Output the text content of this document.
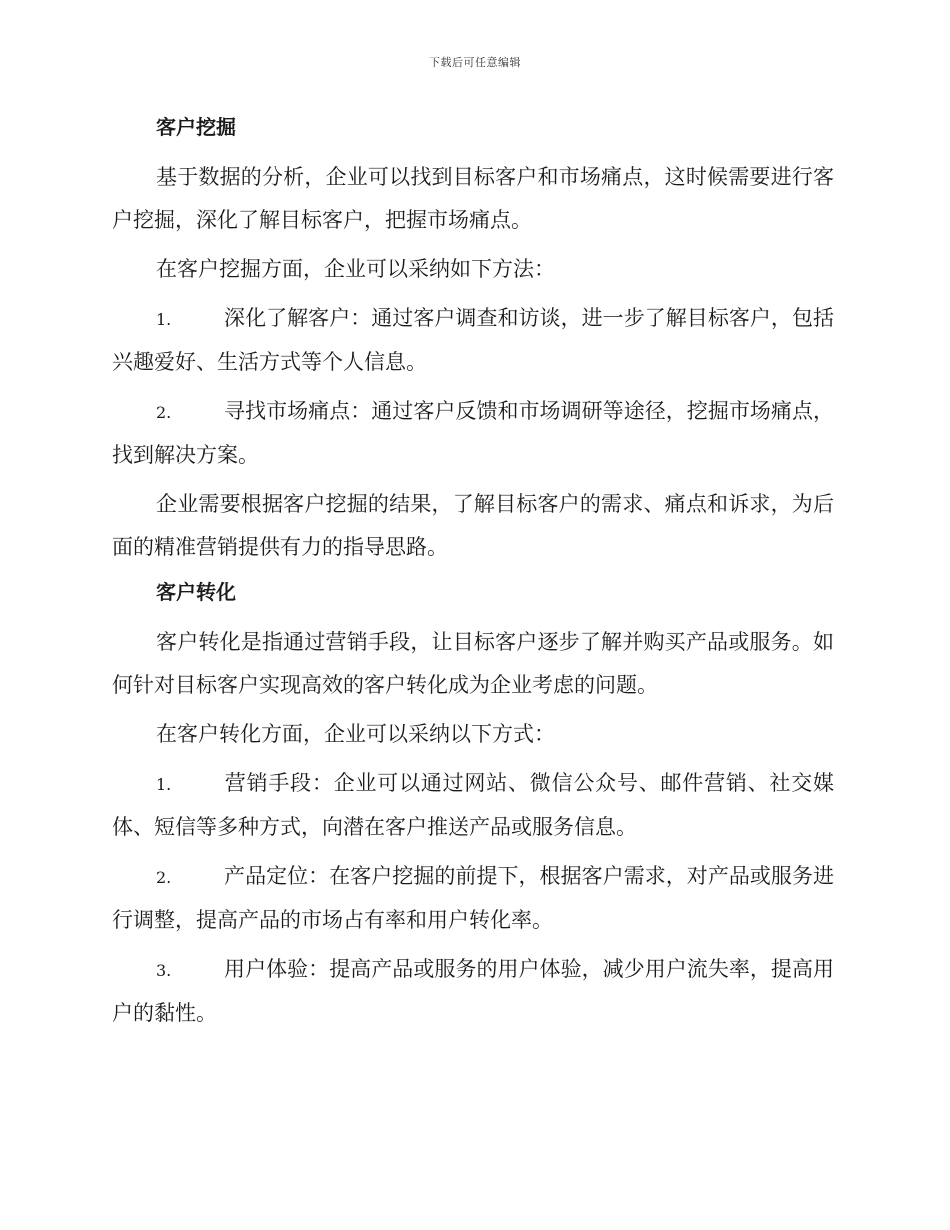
下载后可任意编辑
客户挖掘

基于数据的分析，企业可以找到目标客户和市场痛点，这时候需要进行客户挖掘，深化了解目标客户，把握市场痛点。

在客户挖掘方面，企业可以采纳如下方法：

1.	深化了解客户：通过客户调查和访谈，进一步了解目标客户，包括兴趣爱好、生活方式等个人信息。

2.	寻找市场痛点：通过客户反馈和市场调研等途径，挖掘市场痛点，找到解决方案。

企业需要根据客户挖掘的结果，了解目标客户的需求、痛点和诉求，为后面的精准营销提供有力的指导思路。

客户转化

客户转化是指通过营销手段，让目标客户逐步了解并购买产品或服务。如何针对目标客户实现高效的客户转化成为企业考虑的问题。

在客户转化方面，企业可以采纳以下方式：

1.	营销手段：企业可以通过网站、微信公众号、邮件营销、社交媒体、短信等多种方式，向潜在客户推送产品或服务信息。

2.	产品定位：在客户挖掘的前提下，根据客户需求，对产品或服务进行调整，提高产品的市场占有率和用户转化率。

3.	用户体验：提高产品或服务的用户体验，减少用户流失率，提高用户的黏性。
